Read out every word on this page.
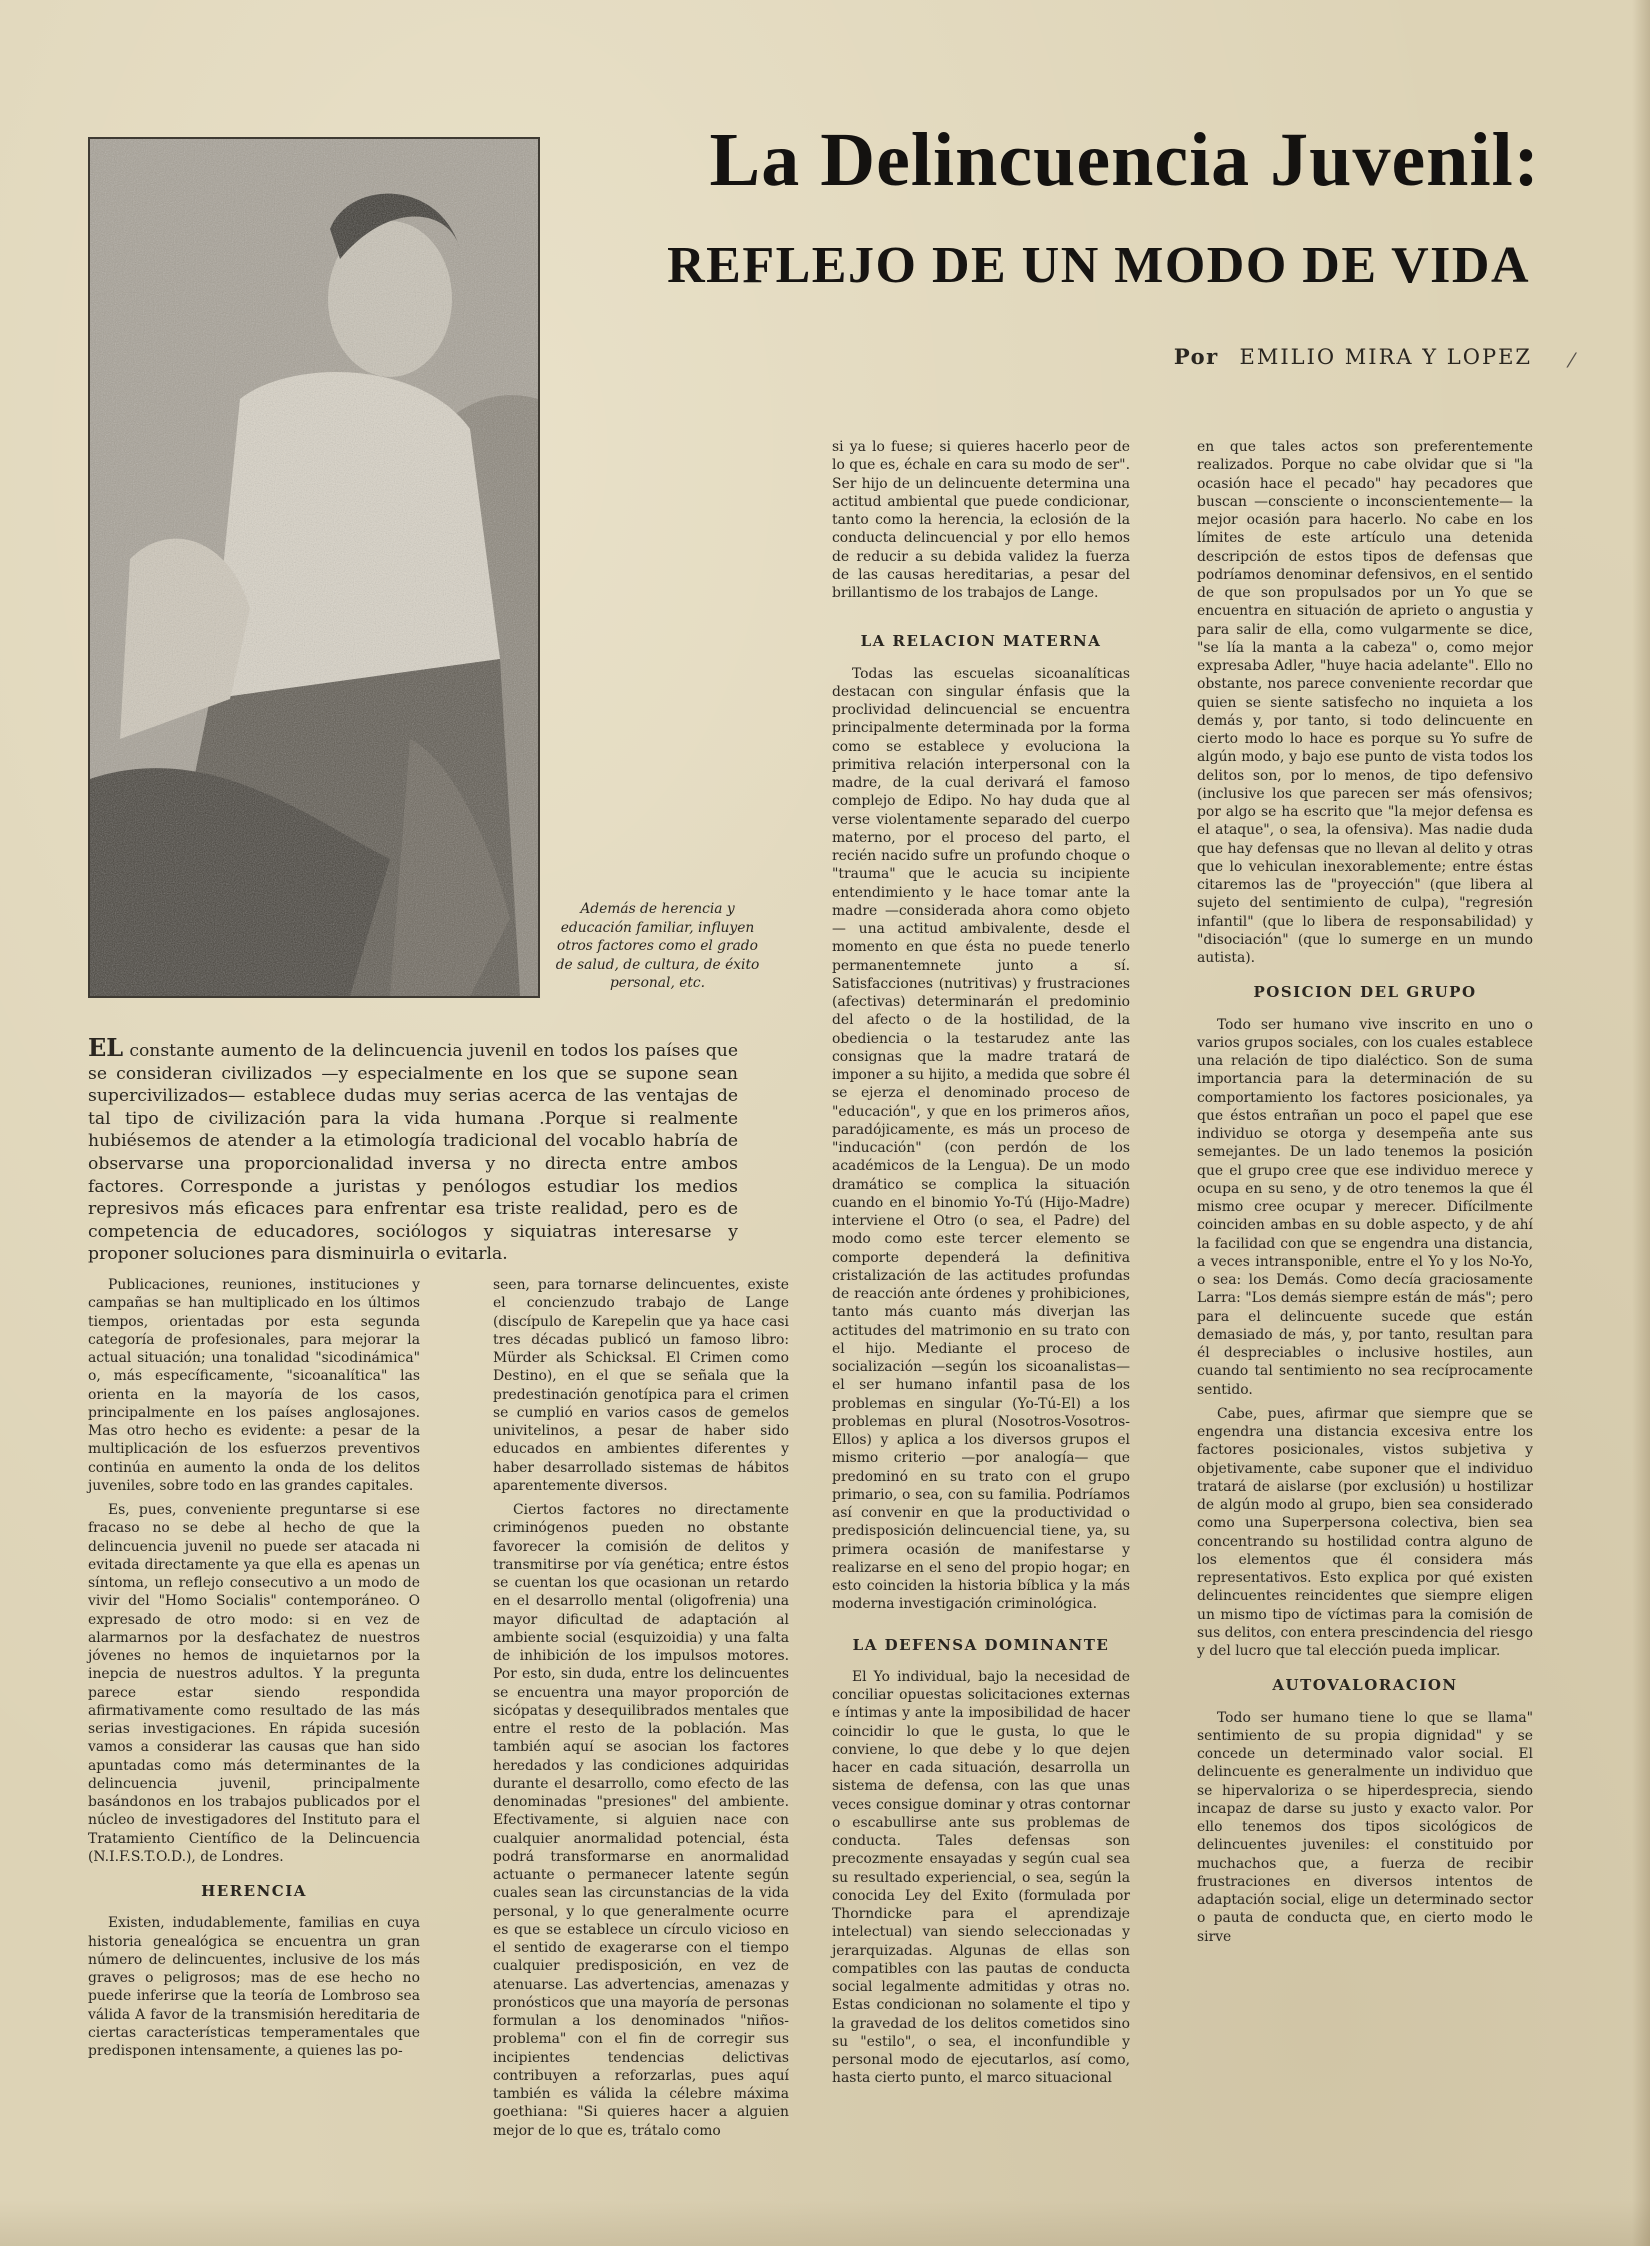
Además de herencia y educación familiar, influyen otros factores como el grado de salud, de cultura, de éxito personal, etc.
La Delincuencia Juvenil:
REFLEJO DE UN MODO DE VIDA
Por EMILIO MIRA Y LOPEZ ⁄
EL constante aumento de la delincuencia juvenil en todos los países que se consideran civilizados —y especialmente en los que se supone sean supercivilizados— establece dudas muy serias acerca de las ventajas de tal tipo de civilización para la vida humana .Porque si realmente hubiésemos de atender a la etimología tradicional del vocablo habría de observarse una proporcionalidad inversa y no directa entre ambos factores. Corresponde a juristas y penólogos estudiar los medios represivos más eficaces para enfrentar esa triste realidad, pero es de competencia de educadores, sociólogos y siquiatras interesarse y proponer soluciones para disminuirla o evitarla.

Publicaciones, reuniones, instituciones y campañas se han multiplicado en los últimos tiempos, orientadas por esta segunda categoría de profesionales, para mejorar la actual situación; una tonalidad "sicodinámica" o, más específicamente, "sicoanalítica" las orienta en la mayoría de los casos, principalmente en los países anglosajones. Mas otro hecho es evidente: a pesar de la multiplicación de los esfuerzos preventivos continúa en aumento la onda de los delitos juveniles, sobre todo en las grandes capitales.

Es, pues, conveniente preguntarse si ese fracaso no se debe al hecho de que la delincuencia juvenil no puede ser atacada ni evitada directamente ya que ella es apenas un síntoma, un reflejo consecutivo a un modo de vivir del "Homo Socialis" contemporáneo. O expresado de otro modo: si en vez de alarmarnos por la desfachatez de nuestros jóvenes no hemos de inquietarnos por la inepcia de nuestros adultos. Y la pregunta parece estar siendo respondida afirmativamente como resultado de las más serias investigaciones. En rápida sucesión vamos a considerar las causas que han sido apuntadas como más determinantes de la delincuencia juvenil, principalmente basándonos en los trabajos publicados por el núcleo de investigadores del Instituto para el Tratamiento Científico de la Delincuencia (N.I.F.S.T.O.D.), de Londres.

HERENCIA

Existen, indudablemente, familias en cuya historia genealógica se encuentra un gran número de delincuentes, inclusive de los más graves o peligrosos; mas de ese hecho no puede inferirse que la teoría de Lombroso sea válida A favor de la transmisión hereditaria de ciertas características temperamentales que predisponen intensamente, a quienes las po-

seen, para tornarse delincuentes, existe el concienzudo trabajo de Lange (discípulo de Karepelin que ya hace casi tres décadas publicó un famoso libro: Mürder als Schicksal. El Crimen como Destino), en el que se señala que la predestinación genotípica para el crimen se cumplió en varios casos de gemelos univitelinos, a pesar de haber sido educados en ambientes diferentes y haber desarrollado sistemas de hábitos aparentemente diversos.

Ciertos factores no directamente criminógenos pueden no obstante favorecer la comisión de delitos y transmitirse por vía genética; entre éstos se cuentan los que ocasionan un retardo en el desarrollo mental (oligofrenia) una mayor dificultad de adaptación al ambiente social (esquizoidia) y una falta de inhibición de los impulsos motores. Por esto, sin duda, entre los delincuentes se encuentra una mayor proporción de sicópatas y desequilibrados mentales que entre el resto de la población. Mas también aquí se asocian los factores heredados y las condiciones adquiridas durante el desarrollo, como efecto de las denominadas "presiones" del ambiente. Efectivamente, si alguien nace con cualquier anormalidad potencial, ésta podrá transformarse en anormalidad actuante o permanecer latente según cuales sean las circunstancias de la vida personal, y lo que generalmente ocurre es que se establece un círculo vicioso en el sentido de exagerarse con el tiempo cualquier predisposición, en vez de atenuarse. Las advertencias, amenazas y pronósticos que una mayoría de personas formulan a los denominados "niños-problema" con el fin de corregir sus incipientes tendencias delictivas contribuyen a reforzarlas, pues aquí también es válida la célebre máxima goethiana: "Si quieres hacer a alguien mejor de lo que es, trátalo como

si ya lo fuese; si quieres hacerlo peor de lo que es, échale en cara su modo de ser". Ser hijo de un delincuente determina una actitud ambiental que puede condicionar, tanto como la herencia, la eclosión de la conducta delincuencial y por ello hemos de reducir a su debida validez la fuerza de las causas hereditarias, a pesar del brillantismo de los trabajos de Lange.

LA RELACION MATERNA

Todas las escuelas sicoanalíticas destacan con singular énfasis que la proclividad delincuencial se encuentra principalmente determinada por la forma como se establece y evoluciona la primitiva relación interpersonal con la madre, de la cual derivará el famoso complejo de Edipo. No hay duda que al verse violentamente separado del cuerpo materno, por el proceso del parto, el recién nacido sufre un profundo choque o "trauma" que le acucia su incipiente entendimiento y le hace tomar ante la madre —considerada ahora como objeto— una actitud ambivalente, desde el momento en que ésta no puede tenerlo permanentemnete junto a sí. Satisfacciones (nutritivas) y frustraciones (afectivas) determinarán el predominio del afecto o de la hostilidad, de la obediencia o la testarudez ante las consignas que la madre tratará de imponer a su hijito, a medida que sobre él se ejerza el denominado proceso de "educación", y que en los primeros años, paradójicamente, es más un proceso de "inducación" (con perdón de los académicos de la Lengua). De un modo dramático se complica la situación cuando en el binomio Yo-Tú (Hijo-Madre) interviene el Otro (o sea, el Padre) del modo como este tercer elemento se comporte dependerá la definitiva cristalización de las actitudes profundas de reacción ante órdenes y prohibiciones, tanto más cuanto más diverjan las actitudes del matrimonio en su trato con el hijo. Mediante el proceso de socialización —según los sicoanalistas— el ser humano infantil pasa de los problemas en singular (Yo-Tú-El) a los problemas en plural (Nosotros-Vosotros-Ellos) y aplica a los diversos grupos el mismo criterio —por analogía— que predominó en su trato con el grupo primario, o sea, con su familia. Podríamos así convenir en que la productividad o predisposición delincuencial tiene, ya, su primera ocasión de manifestarse y realizarse en el seno del propio hogar; en esto coinciden la historia bíblica y la más moderna investigación criminológica.

LA DEFENSA DOMINANTE

El Yo individual, bajo la necesidad de conciliar opuestas solicitaciones externas e íntimas y ante la imposibilidad de hacer coincidir lo que le gusta, lo que le conviene, lo que debe y lo que dejen hacer en cada situación, desarrolla un sistema de defensa, con las que unas veces consigue dominar y otras contornar o escabullirse ante sus problemas de conducta. Tales defensas son precozmente ensayadas y según cual sea su resultado experiencial, o sea, según la conocida Ley del Exito (formulada por Thorndicke para el aprendizaje intelectual) van siendo seleccionadas y jerarquizadas. Algunas de ellas son compatibles con las pautas de conducta social legalmente admitidas y otras no. Estas condicionan no solamente el tipo y la gravedad de los delitos cometidos sino su "estilo", o sea, el inconfundible y personal modo de ejecutarlos, así como, hasta cierto punto, el marco situacional

en que tales actos son preferentemente realizados. Porque no cabe olvidar que si "la ocasión hace el pecado" hay pecadores que buscan —consciente o inconscientemente— la mejor ocasión para hacerlo. No cabe en los límites de este artículo una detenida descripción de estos tipos de defensas que podríamos denominar defensivos, en el sentido de que son propulsados por un Yo que se encuentra en situación de aprieto o angustia y para salir de ella, como vulgarmente se dice, "se lía la manta a la cabeza" o, como mejor expresaba Adler, "huye hacia adelante". Ello no obstante, nos parece conveniente recordar que quien se siente satisfecho no inquieta a los demás y, por tanto, si todo delincuente en cierto modo lo hace es porque su Yo sufre de algún modo, y bajo ese punto de vista todos los delitos son, por lo menos, de tipo defensivo (inclusive los que parecen ser más ofensivos; por algo se ha escrito que "la mejor defensa es el ataque", o sea, la ofensiva). Mas nadie duda que hay defensas que no llevan al delito y otras que lo vehiculan inexorablemente; entre éstas citaremos las de "proyección" (que libera al sujeto del sentimiento de culpa), "regresión infantil" (que lo libera de responsabilidad) y "disociación" (que lo sumerge en un mundo autista).

POSICION DEL GRUPO

Todo ser humano vive inscrito en uno o varios grupos sociales, con los cuales establece una relación de tipo dialéctico. Son de suma importancia para la determinación de su comportamiento los factores posicionales, ya que éstos entrañan un poco el papel que ese individuo se otorga y desempeña ante sus semejantes. De un lado tenemos la posición que el grupo cree que ese individuo merece y ocupa en su seno, y de otro tenemos la que él mismo cree ocupar y merecer. Difícilmente coinciden ambas en su doble aspecto, y de ahí la facilidad con que se engendra una distancia, a veces intransponible, entre el Yo y los No-Yo, o sea: los Demás. Como decía graciosamente Larra: "Los demás siempre están de más"; pero para el delincuente sucede que están demasiado de más, y, por tanto, resultan para él despreciables o inclusive hostiles, aun cuando tal sentimiento no sea recíprocamente sentido.

Cabe, pues, afirmar que siempre que se engendra una distancia excesiva entre los factores posicionales, vistos subjetiva y objetivamente, cabe suponer que el individuo tratará de aislarse (por exclusión) u hostilizar de algún modo al grupo, bien sea considerado como una Superpersona colectiva, bien sea concentrando su hostilidad contra alguno de los elementos que él considera más representativos. Esto explica por qué existen delincuentes reincidentes que siempre eligen un mismo tipo de víctimas para la comisión de sus delitos, con entera prescindencia del riesgo y del lucro que tal elección pueda implicar.

AUTOVALORACION

Todo ser humano tiene lo que se llama" sentimiento de su propia dignidad" y se concede un determinado valor social. El delincuente es generalmente un individuo que se hipervaloriza o se hiperdesprecia, siendo incapaz de darse su justo y exacto valor. Por ello tenemos dos tipos sicológicos de delincuentes juveniles: el constituido por muchachos que, a fuerza de recibir frustraciones en diversos intentos de adaptación social, elige un determinado sector o pauta de conducta que, en cierto modo le sirve
